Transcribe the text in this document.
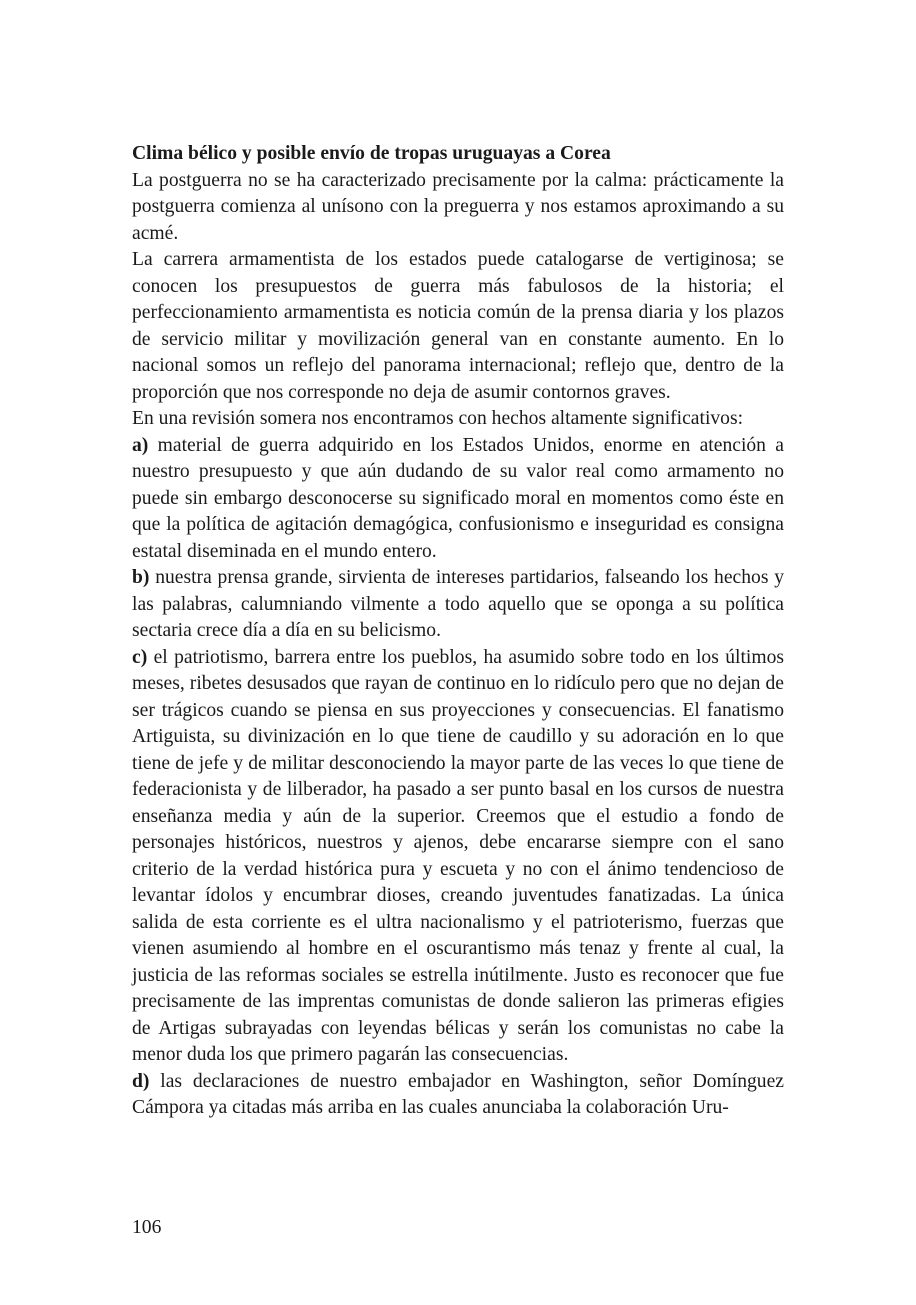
Clima bélico y posible envío de tropas uruguayas a Corea

La postguerra no se ha caracterizado precisamente por la calma: prácticamente la postguerra comienza al unísono con la preguerra y nos estamos aproximando a su acmé.

La carrera armamentista de los estados puede catalogarse de vertiginosa; se conocen los presupuestos de guerra más fabulosos de la historia; el perfeccionamiento armamentista es noticia común de la prensa diaria y los plazos de servicio militar y movilización general van en constante aumento. En lo nacional somos un reflejo del panorama internacional; reflejo que, dentro de la proporción que nos corresponde no deja de asumir contornos graves.

En una revisión somera nos encontramos con hechos altamente significativos:

a) material de guerra adquirido en los Estados Unidos, enorme en atención a nuestro presupuesto y que aún dudando de su valor real como armamento no puede sin embargo desconocerse su significado moral en momentos como éste en que la política de agitación demagógica, confusionismo e inseguridad es consigna estatal diseminada en el mundo entero.

b) nuestra prensa grande, sirvienta de intereses partidarios, falseando los hechos y las palabras, calumniando vilmente a todo aquello que se oponga a su política sectaria crece día a día en su belicismo.

c) el patriotismo, barrera entre los pueblos, ha asumido sobre todo en los últimos meses, ribetes desusados que rayan de continuo en lo ridículo pero que no dejan de ser trágicos cuando se piensa en sus proyecciones y consecuencias. El fanatismo Artiguista, su divinización en lo que tiene de caudillo y su adoración en lo que tiene de jefe y de militar desconociendo la mayor parte de las veces lo que tiene de federacionista y de lilberador, ha pasado a ser punto basal en los cursos de nuestra enseñanza media y aún de la superior. Creemos que el estudio a fondo de personajes históricos, nuestros y ajenos, debe encararse siempre con el sano criterio de la verdad histórica pura y escueta y no con el ánimo tendencioso de levantar ídolos y encumbrar dioses, creando juventudes fanatizadas. La única salida de esta corriente es el ultra nacionalismo y el patrioterismo, fuerzas que vienen asumiendo al hombre en el oscurantismo más tenaz y frente al cual, la justicia de las reformas sociales se estrella inútilmente. Justo es reconocer que fue precisamente de las imprentas comunistas de donde salieron las primeras efigies de Artigas subrayadas con leyendas bélicas y serán los comunistas no cabe la menor duda los que primero pagarán las consecuencias.

d) las declaraciones de nuestro embajador en Washington, señor Domínguez Cámpora ya citadas más arriba en las cuales anunciaba la colaboración Uru-

106
